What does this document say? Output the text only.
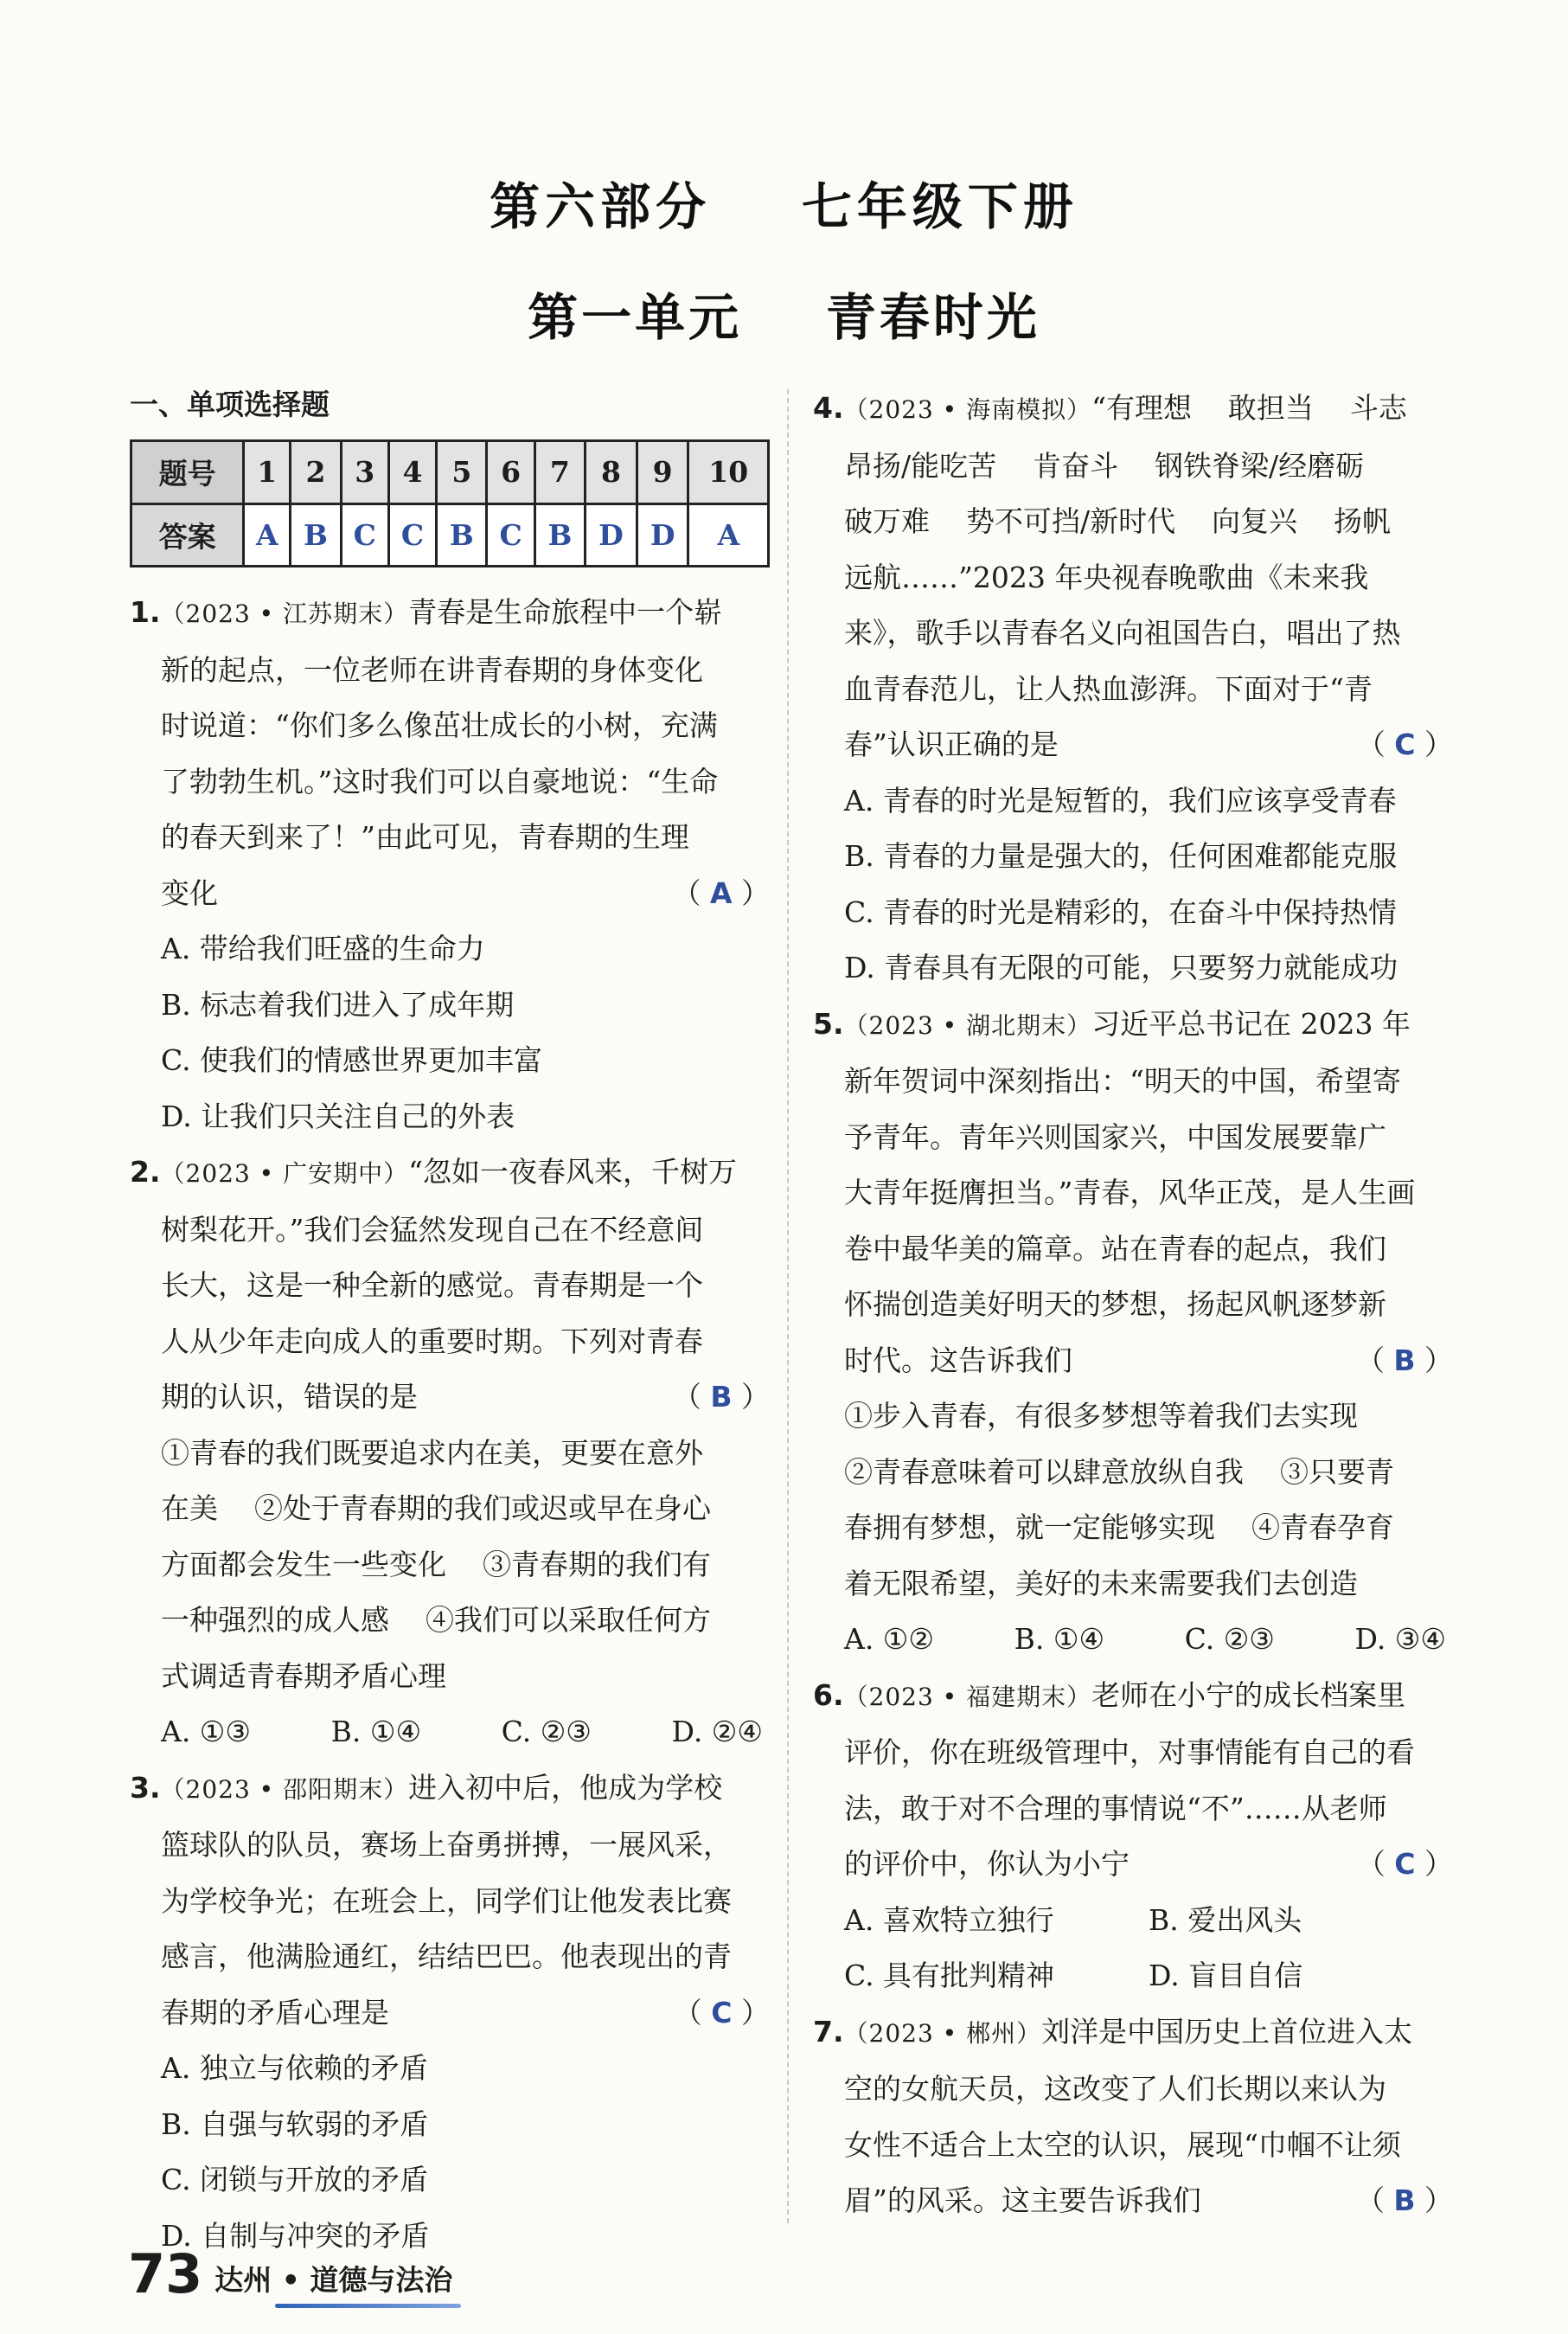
第六部分    七年级下册
第一单元    青春时光
一、单项选择题
题号	1	2	3	4	5	6	7	8	9	10
答案	A	B	C	C	B	C	B	D	D	A

1.（2023 • 江苏期末）青春是生命旅程中一个崭

新的起点，一位老师在讲青春期的身体变化

时说道：“你们多么像茁壮成长的小树，充满

了勃勃生机。”这时我们可以自豪地说：“生命

的春天到来了！”由此可见，青春期的生理

变化	（ A ）

A. 带给我们旺盛的生命力

B. 标志着我们进入了成年期

C. 使我们的情感世界更加丰富

D. 让我们只关注自己的外表

2.（2023 • 广安期中）“忽如一夜春风来，千树万

树梨花开。”我们会猛然发现自己在不经意间

长大，这是一种全新的感觉。青春期是一个

人从少年走向成人的重要时期。下列对青春

期的认识，错误的是	（ B ）

①青春的我们既要追求内在美，更要在意外

在美    ②处于青春期的我们或迟或早在身心

方面都会发生一些变化    ③青春期的我们有

一种强烈的成人感    ④我们可以采取任何方

式调适青春期矛盾心理

A. ①③	B. ①④	C. ②③	D. ②④

3.（2023 • 邵阳期末）进入初中后，他成为学校

篮球队的队员，赛场上奋勇拼搏，一展风采，

为学校争光；在班会上，同学们让他发表比赛

感言，他满脸通红，结结巴巴。他表现出的青

春期的矛盾心理是	（ C ）

A. 独立与依赖的矛盾

B. 自强与软弱的矛盾

C. 闭锁与开放的矛盾

D. 自制与冲突的矛盾

4.（2023 • 海南模拟）“有理想    敢担当    斗志

昂扬/能吃苦    肯奋斗    钢铁脊梁/经磨砺

破万难    势不可挡/新时代    向复兴    扬帆

远航……”2023 年央视春晚歌曲《未来我

来》，歌手以青春名义向祖国告白，唱出了热

血青春范儿，让人热血澎湃。下面对于“青

春”认识正确的是	（ C ）

A. 青春的时光是短暂的，我们应该享受青春

B. 青春的力量是强大的，任何困难都能克服

C. 青春的时光是精彩的，在奋斗中保持热情

D. 青春具有无限的可能，只要努力就能成功

5.（2023 • 湖北期末）习近平总书记在 2023 年

新年贺词中深刻指出：“明天的中国，希望寄

予青年。青年兴则国家兴，中国发展要靠广

大青年挺膺担当。”青春，风华正茂，是人生画

卷中最华美的篇章。站在青春的起点，我们

怀揣创造美好明天的梦想，扬起风帆逐梦新

时代。这告诉我们	（ B ）

①步入青春，有很多梦想等着我们去实现

②青春意味着可以肆意放纵自我    ③只要青

春拥有梦想，就一定能够实现    ④青春孕育

着无限希望，美好的未来需要我们去创造

A. ①②	B. ①④	C. ②③	D. ③④

6.（2023 • 福建期末）老师在小宁的成长档案里

评价，你在班级管理中，对事情能有自己的看

法，敢于对不合理的事情说“不”……从老师

的评价中，你认为小宁	（ C ）

A. 喜欢特立独行	B. 爱出风头

C. 具有批判精神	D. 盲目自信

7.（2023 • 郴州）刘洋是中国历史上首位进入太

空的女航天员，这改变了人们长期以来认为

女性不适合上太空的认识，展现“巾帼不让须

眉”的风采。这主要告诉我们	（ B ）

73 达州 • 道德与法治
